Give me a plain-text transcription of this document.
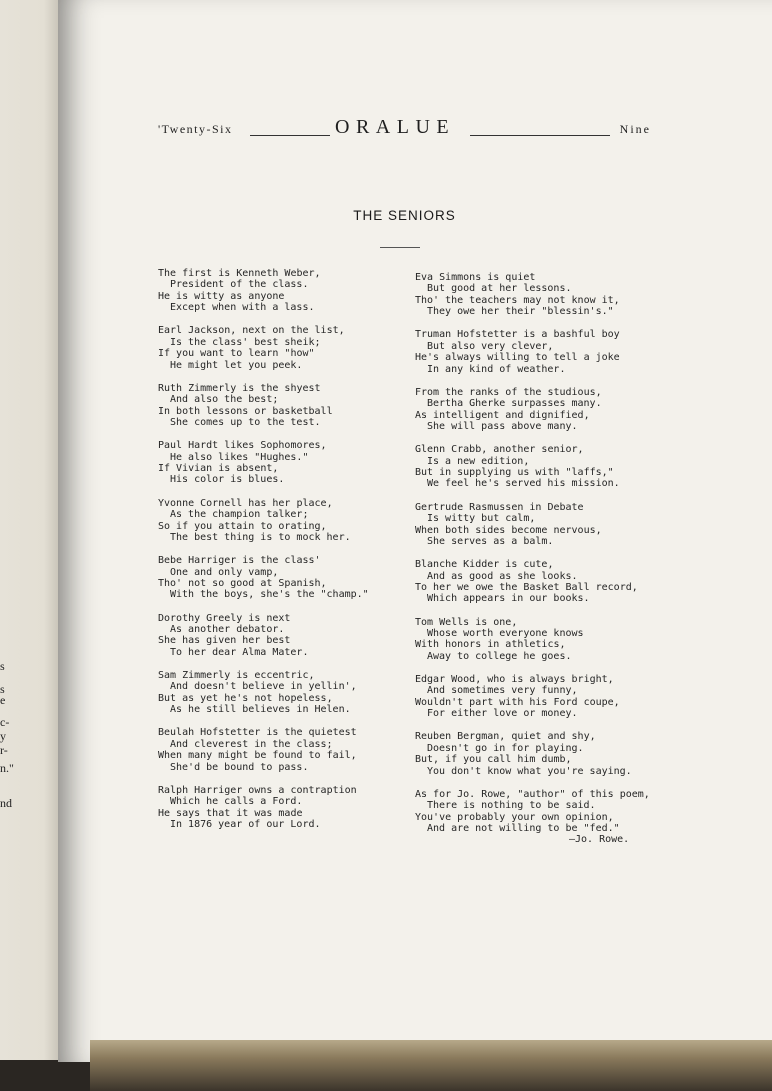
s
s
e
c-
y
r-
n."
nd
'Twenty-Six	ORALUE	Nine
THE SENIORS
The first is Kenneth Weber,
President of the class.
He is witty as anyone
Except when with a lass.
Earl Jackson, next on the list,
Is the class' best sheik;
If you want to learn "how"
He might let you peek.
Ruth Zimmerly is the shyest
And also the best;
In both lessons or basketball
She comes up to the test.
Paul Hardt likes Sophomores,
He also likes "Hughes."
If Vivian is absent,
His color is blues.
Yvonne Cornell has her place,
As the champion talker;
So if you attain to orating,
The best thing is to mock her.
Bebe Harriger is the class'
One and only vamp,
Tho' not so good at Spanish,
With the boys, she's the "champ."
Dorothy Greely is next
As another debator.
She has given her best
To her dear Alma Mater.
Sam Zimmerly is eccentric,
And doesn't believe in yellin',
But as yet he's not hopeless,
As he still believes in Helen.
Beulah Hofstetter is the quietest
And cleverest in the class;
When many might be found to fail,
She'd be bound to pass.
Ralph Harriger owns a contraption
Which he calls a Ford.
He says that it was made
In 1876 year of our Lord.
Eva Simmons is quiet
But good at her lessons.
Tho' the teachers may not know it,
They owe her their "blessin's."
Truman Hofstetter is a bashful boy
But also very clever,
He's always willing to tell a joke
In any kind of weather.
From the ranks of the studious,
Bertha Gherke surpasses many.
As intelligent and dignified,
She will pass above many.
Glenn Crabb, another senior,
Is a new edition,
But in supplying us with "laffs,"
We feel he's served his mission.
Gertrude Rasmussen in Debate
Is witty but calm,
When both sides become nervous,
She serves as a balm.
Blanche Kidder is cute,
And as good as she looks.
To her we owe the Basket Ball record,
Which appears in our books.
Tom Wells is one,
Whose worth everyone knows
With honors in athletics,
Away to college he goes.
Edgar Wood, who is always bright,
And sometimes very funny,
Wouldn't part with his Ford coupe,
For either love or money.
Reuben Bergman, quiet and shy,
Doesn't go in for playing.
But, if you call him dumb,
You don't know what you're saying.
As for Jo. Rowe, "author" of this poem,
There is nothing to be said.
You've probably your own opinion,
And are not willing to be "fed."
—Jo. Rowe.
